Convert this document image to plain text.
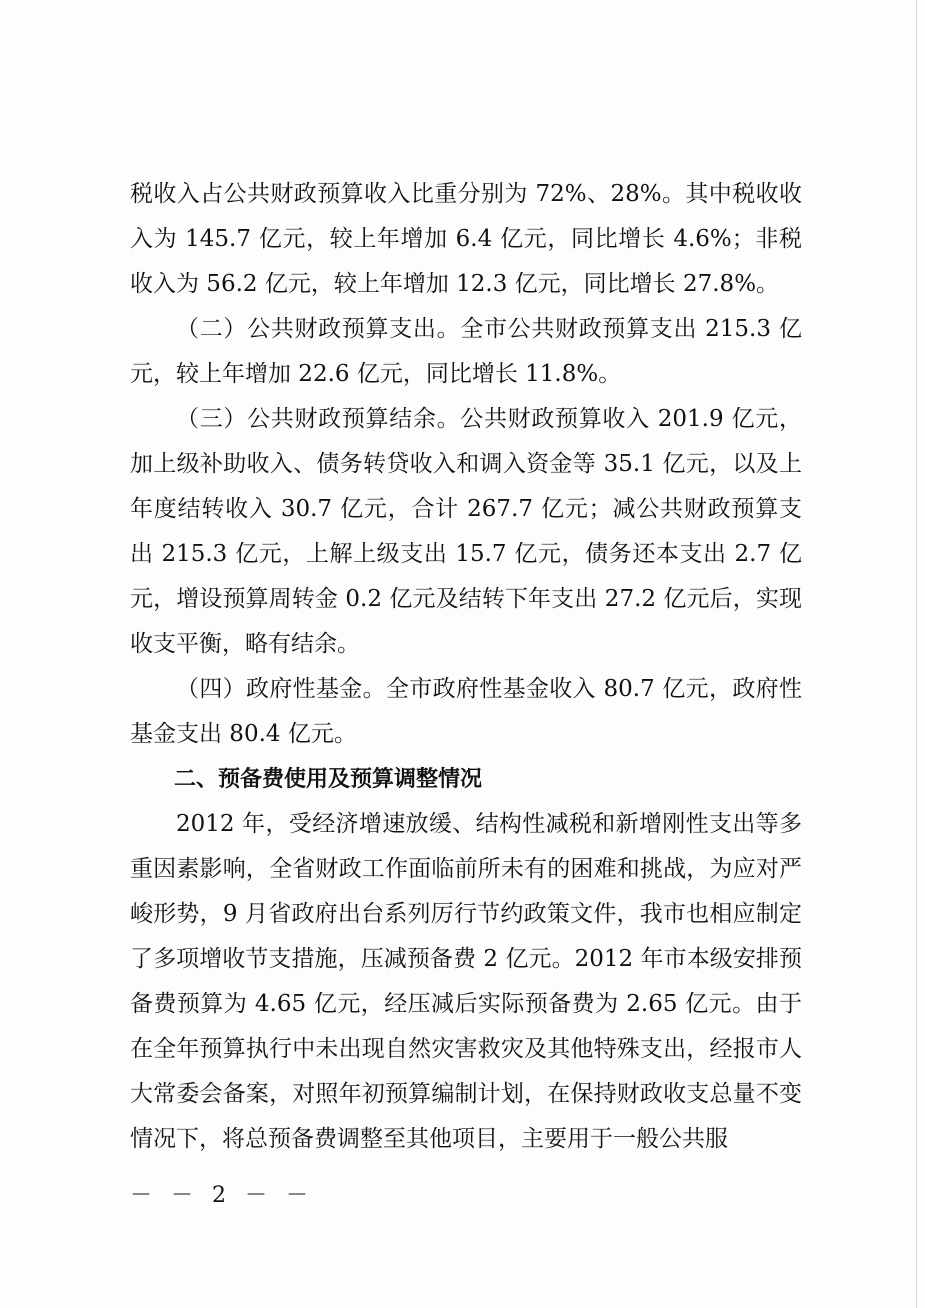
税收入占公共财政预算收入比重分别为 72%、28%。其中税收收入为 145.7 亿元，较上年增加 6.4 亿元，同比增长 4.6%；非税收入为 56.2 亿元，较上年增加 12.3 亿元，同比增长 27.8%。

（二）公共财政预算支出。全市公共财政预算支出 215.3 亿元，较上年增加 22.6 亿元，同比增长 11.8%。

（三）公共财政预算结余。公共财政预算收入 201.9 亿元，加上级补助收入、债务转贷收入和调入资金等 35.1 亿元，以及上年度结转收入 30.7 亿元，合计 267.7 亿元；减公共财政预算支出 215.3 亿元，上解上级支出 15.7 亿元，债务还本支出 2.7 亿元，增设预算周转金 0.2 亿元及结转下年支出 27.2 亿元后，实现收支平衡，略有结余。

（四）政府性基金。全市政府性基金收入 80.7 亿元，政府性基金支出 80.4 亿元。

二、预备费使用及预算调整情况

2012 年，受经济增速放缓、结构性减税和新增刚性支出等多重因素影响，全省财政工作面临前所未有的困难和挑战，为应对严峻形势，9 月省政府出台系列厉行节约政策文件，我市也相应制定了多项增收节支措施，压减预备费 2 亿元。2012 年市本级安排预备费预算为 4.65 亿元，经压减后实际预备费为 2.65 亿元。由于在全年预算执行中未出现自然灾害救灾及其他特殊支出，经报市人大常委会备案，对照年初预算编制计划，在保持财政收支总量不变情况下，将总预备费调整至其他项目，主要用于一般公共服

－ － 2 － －
